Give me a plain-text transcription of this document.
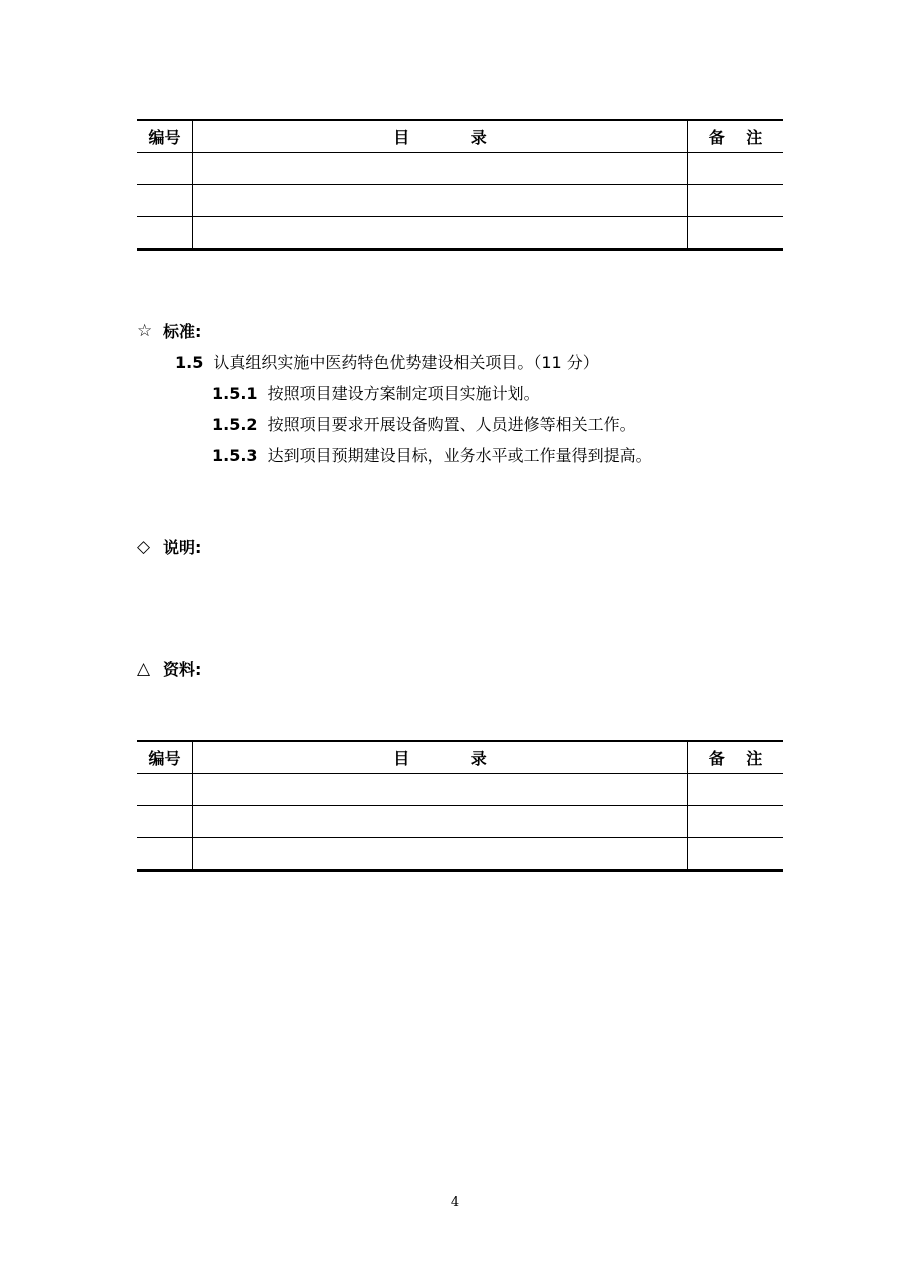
编号	目 录	备 注

☆ 标准:
1.5 认真组织实施中医药特色优势建设相关项目。（11 分）
1.5.1 按照项目建设方案制定项目实施计划。
1.5.2 按照项目要求开展设备购置、人员进修等相关工作。
1.5.3 达到项目预期建设目标，业务水平或工作量得到提高。
◇ 说明:
△ 资料:
编号	目 录	备 注

4
